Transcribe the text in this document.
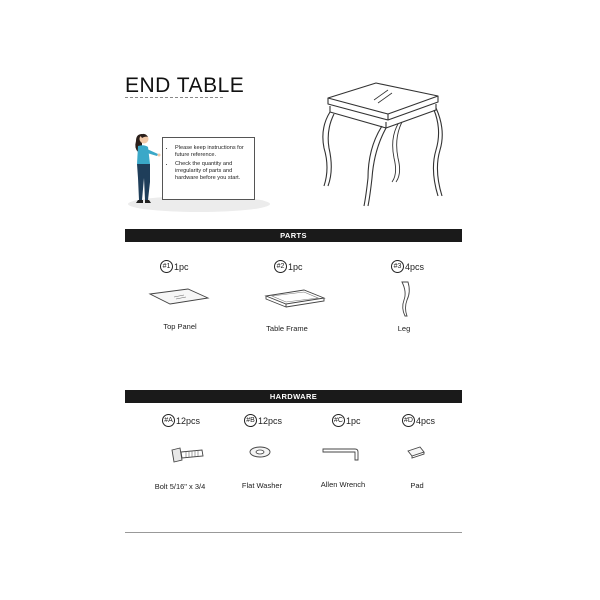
END TABLE
• Please keep instructions for future reference.
• Check the quantity and irregularity of parts and hardware before you start.
PARTS
#1 1pc
Top Panel
#2 1pc
Table Frame
#3 4pcs
Leg
HARDWARE
#A 12pcs
Bolt 5/16" x 3/4
#B 12pcs
Flat Washer
#C 1pc
Allen Wrench
#D 4pcs
Pad
